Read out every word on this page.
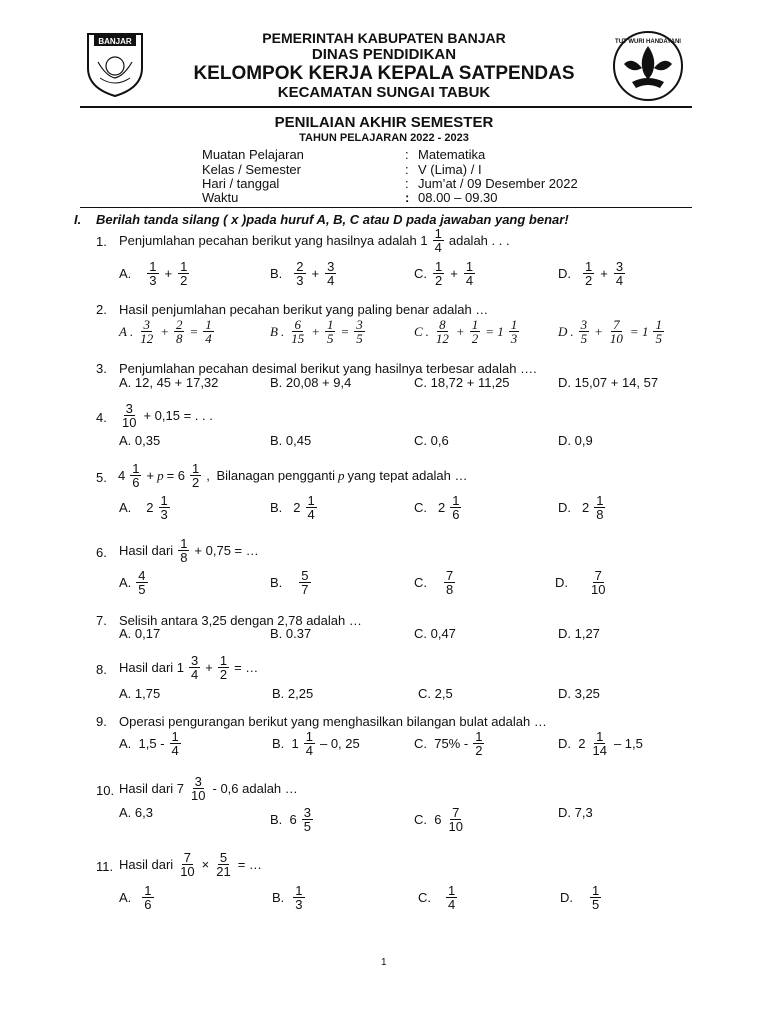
BANJAR	TUT WURI HANDAYANI
PEMERINTAH KABUPATEN BANJAR
DINAS PENDIDIKAN
KELOMPOK KERJA KEPALA SATPENDAS
KECAMATAN SUNGAI TABUK
PENILAIAN AKHIR SEMESTER
TAHUN PELAJARAN 2022 - 2023
Muatan Pelajaran	: Matematika
Kelas / Semester	: V (Lima) / I
Hari / tanggal	: Jum’at / 09 Desember 2022
Waktu	: 08.00 – 09.30
I. Berilah tanda silang ( x )pada huruf A, B, C atau D pada jawaban yang benar!
1. Penjumlahan pecahan berikut yang hasilnya adalah $1 \frac{1}{4}$ adalah . . .
A. $\frac{1}{3} + \frac{1}{2}$	B. $\frac{2}{3} + \frac{3}{4}$	C. $\frac{1}{2} + \frac{1}{4}$	D. $\frac{1}{2} + \frac{3}{4}$
2. Hasil penjumlahan pecahan berikut yang paling benar adalah …
A . $\frac{3}{12} + \frac{2}{8} = \frac{1}{4}$	B . $\frac{6}{15} + \frac{1}{5} = \frac{3}{5}$	C . $\frac{8}{12} + \frac{1}{2} = 1 \frac{1}{3}$	D . $\frac{3}{5} + \frac{7}{10} = 1 \frac{1}{5}$
3. Penjumlahan pecahan desimal berikut yang hasilnya terbesar adalah ….
A. 12, 45 + 17,32	B. 20,08 + 9,4	C. 18,72 + 11,25	D. 15,07 + 14, 57
4. $\frac{3}{10} + 0,15$ = . . .
A. 0,35	B. 0,45	C. 0,6	D. 0,9
5. $4 \frac{1}{6} + p = 6 \frac{1}{2}$ , Bilanagan pengganti p yang tepat adalah …
A. $2 \frac{1}{3}$	B. $2 \frac{1}{4}$	C. $2 \frac{1}{6}$	D. $2 \frac{1}{8}$
6. Hasil dari $\frac{1}{8} + 0,75$ = …
A. $\frac{4}{5}$	B. $\frac{5}{7}$	C. $\frac{7}{8}$	D. $\frac{7}{10}$
7. Selisih antara 3,25 dengan 2,78 adalah …
A. 0,17	B. 0.37	C. 0,47	D. 1,27
8. Hasil dari $1 \frac{3}{4} + \frac{1}{2}$ = …
A. 1,75	B. 2,25	C. 2,5	D. 3,25
9. Operasi pengurangan berikut yang menghasilkan bilangan bulat adalah …
A.  $1,5 - \frac{1}{4}$	B.  $1 \frac{1}{4} - 0$, 25	C.  $75\% - \frac{1}{2}$	D.  $2 \frac{1}{14} - 1,5$
10. Hasil dari $7 \frac{3}{10} - 0,6$ adalah …
A. 6,3	B.  $6 \frac{3}{5}$	C.  $6 \frac{7}{10}$	D. 7,3
11. Hasil dari $\frac{7}{10} \times \frac{5}{21}$ = …
A. $\frac{1}{6}$	B. $\frac{1}{3}$	C. $\frac{1}{4}$	D. $\frac{1}{5}$
1
